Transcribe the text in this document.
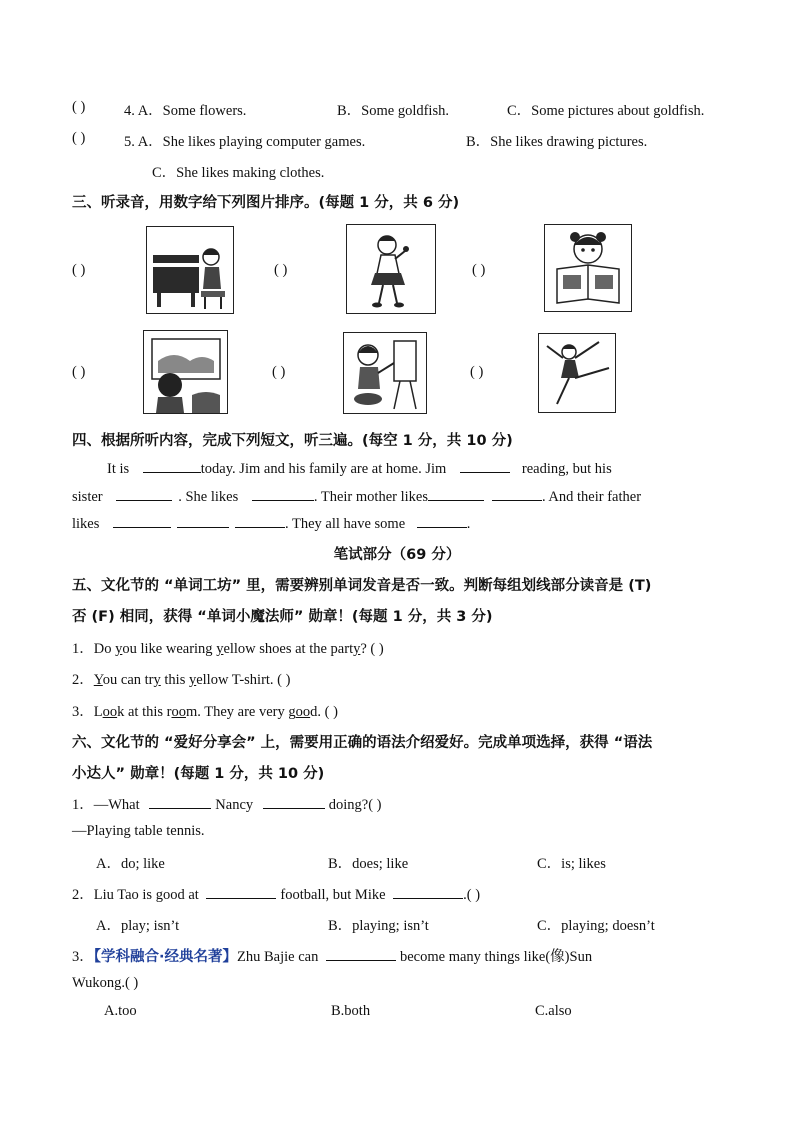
( )	4. A．Some flowers.	B．Some goldfish.	C．Some pictures about goldfish.
( )	5. A．She likes playing computer games.	B．She likes drawing pictures.
C．She likes making clothes.
三、听录音，用数字给下列图片排序。(每题 1 分，共 6 分)
( )	( )	( )
( )	( )	( )
四、根据所听内容，完成下列短文，听三遍。(每空 1 分，共 10 分)
It is	today. Jim and his family are at home. Jim	reading, but his
sister	. She likes	. Their mother likes	. And their father
likes	. They all have some	.
笔试部分（69 分）
五、文化节的 “单词工坊” 里，需要辨别单词发音是否一致。判断每组划线部分读音是 (T)
否 (F) 相同，获得 “单词小魔法师” 勋章！(每题 1 分，共 3 分)
1．Do you like wearing yellow shoes at the party? ( )
2．You can try this yellow T-shirt. ( )
3．Look at this room. They are very good. ( )
六、文化节的 “爱好分享会” 上，需要用正确的语法介绍爱好。完成单项选择，获得 “语法
小达人” 勋章！(每题 1 分，共 10 分)
1．—What	Nancy	doing?( )
—Playing table tennis.
A．do; like	B．does; like	C．is; likes
2．Liu Tao is good at	football, but Mike	.( )
A．play; isn’t	B．playing; isn’t	C．playing; doesn’t
3．【学科融合·经典名著】Zhu Bajie can	become many things like(像)Sun
Wukong.( )
A.too	B.both	C.also
